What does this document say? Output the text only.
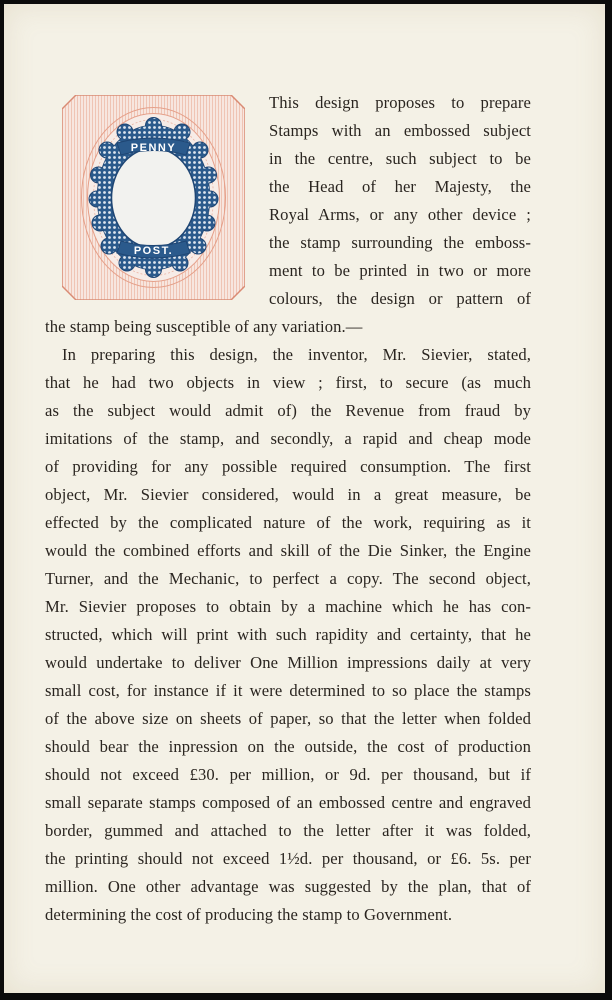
PENNY
POST.
This design proposes to prepare
Stamps with an embossed subject
in the centre, such subject to be
the Head of her Majesty, the
Royal Arms, or any other device ;
the stamp surrounding the emboss-
ment to be printed in two or more
colours, the design or pattern of
the stamp being susceptible of any variation.—
In preparing this design, the inventor, Mr. Sievier, stated,
that he had two objects in view ; first, to secure (as much
as the subject would admit of) the Revenue from fraud by
imitations of the stamp, and secondly, a rapid and cheap mode
of providing for any possible required consumption. The first
object, Mr. Sievier considered, would in a great measure, be
effected by the complicated nature of the work, requiring as it
would the combined efforts and skill of the Die Sinker, the Engine
Turner, and the Mechanic, to perfect a copy. The second object,
Mr. Sievier proposes to obtain by a machine which he has con-
structed, which will print with such rapidity and certainty, that he
would undertake to deliver One Million impressions daily at very
small cost, for instance if it were determined to so place the stamps
of the above size on sheets of paper, so that the letter when folded
should bear the inpression on the outside, the cost of production
should not exceed £30. per million, or 9d. per thousand, but if
small separate stamps composed of an embossed centre and engraved
border, gummed and attached to the letter after it was folded,
the printing should not exceed 1½d. per thousand, or £6. 5s. per
million. One other advantage was suggested by the plan, that of
determining the cost of producing the stamp to Government.
